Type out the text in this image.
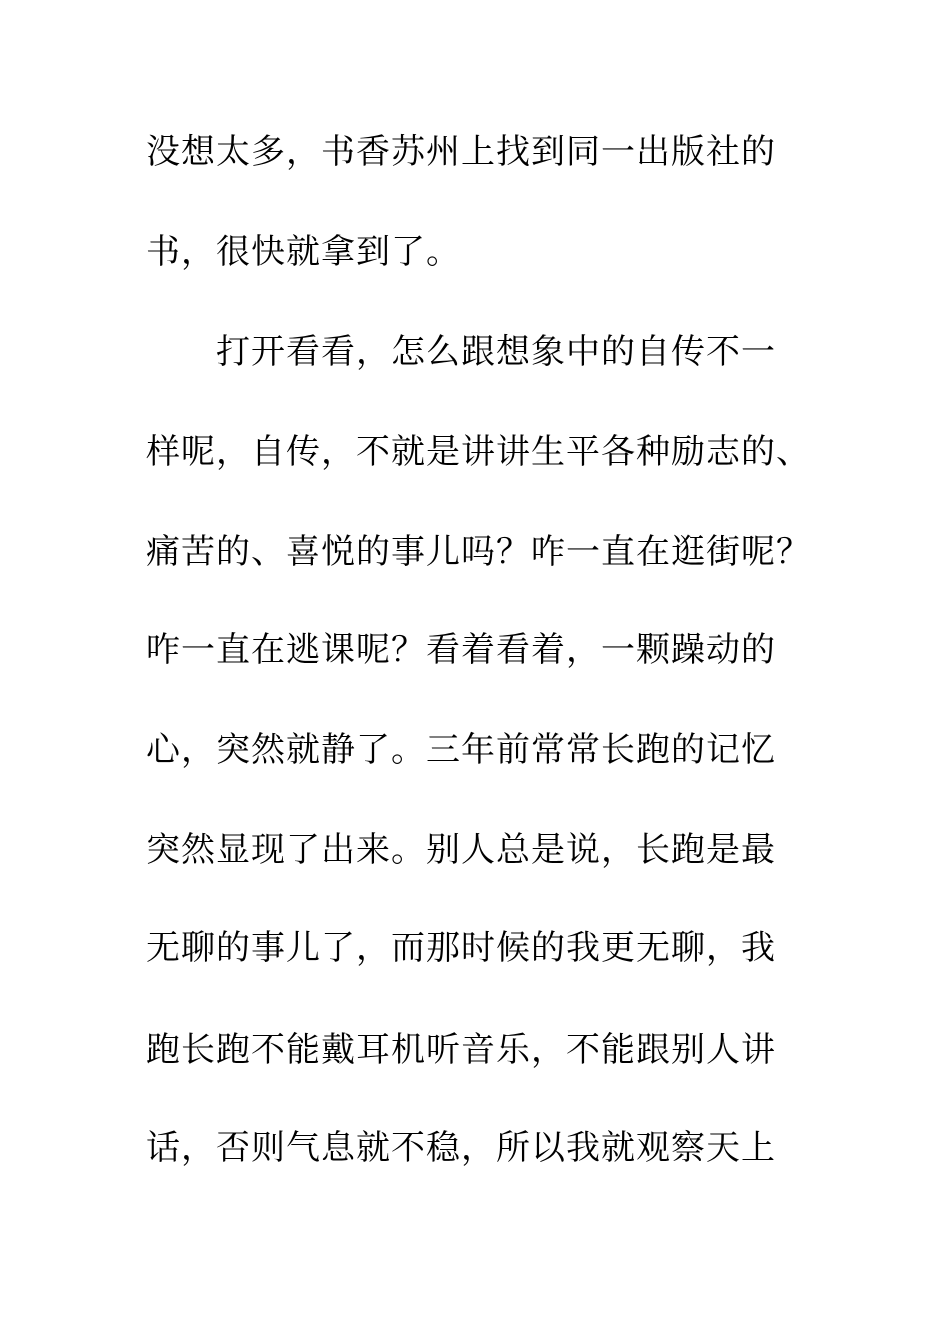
没想太多，书香苏州上找到同一出版社的
书，很快就拿到了。
打开看看，怎么跟想象中的自传不一
样呢，自传，不就是讲讲生平各种励志的、
痛苦的、喜悦的事儿吗？咋一直在逛街呢？
咋一直在逃课呢？看着看着，一颗躁动的
心，突然就静了。三年前常常长跑的记忆
突然显现了出来。别人总是说，长跑是最
无聊的事儿了，而那时候的我更无聊，我
跑长跑不能戴耳机听音乐，不能跟别人讲
话，否则气息就不稳，所以我就观察天上
